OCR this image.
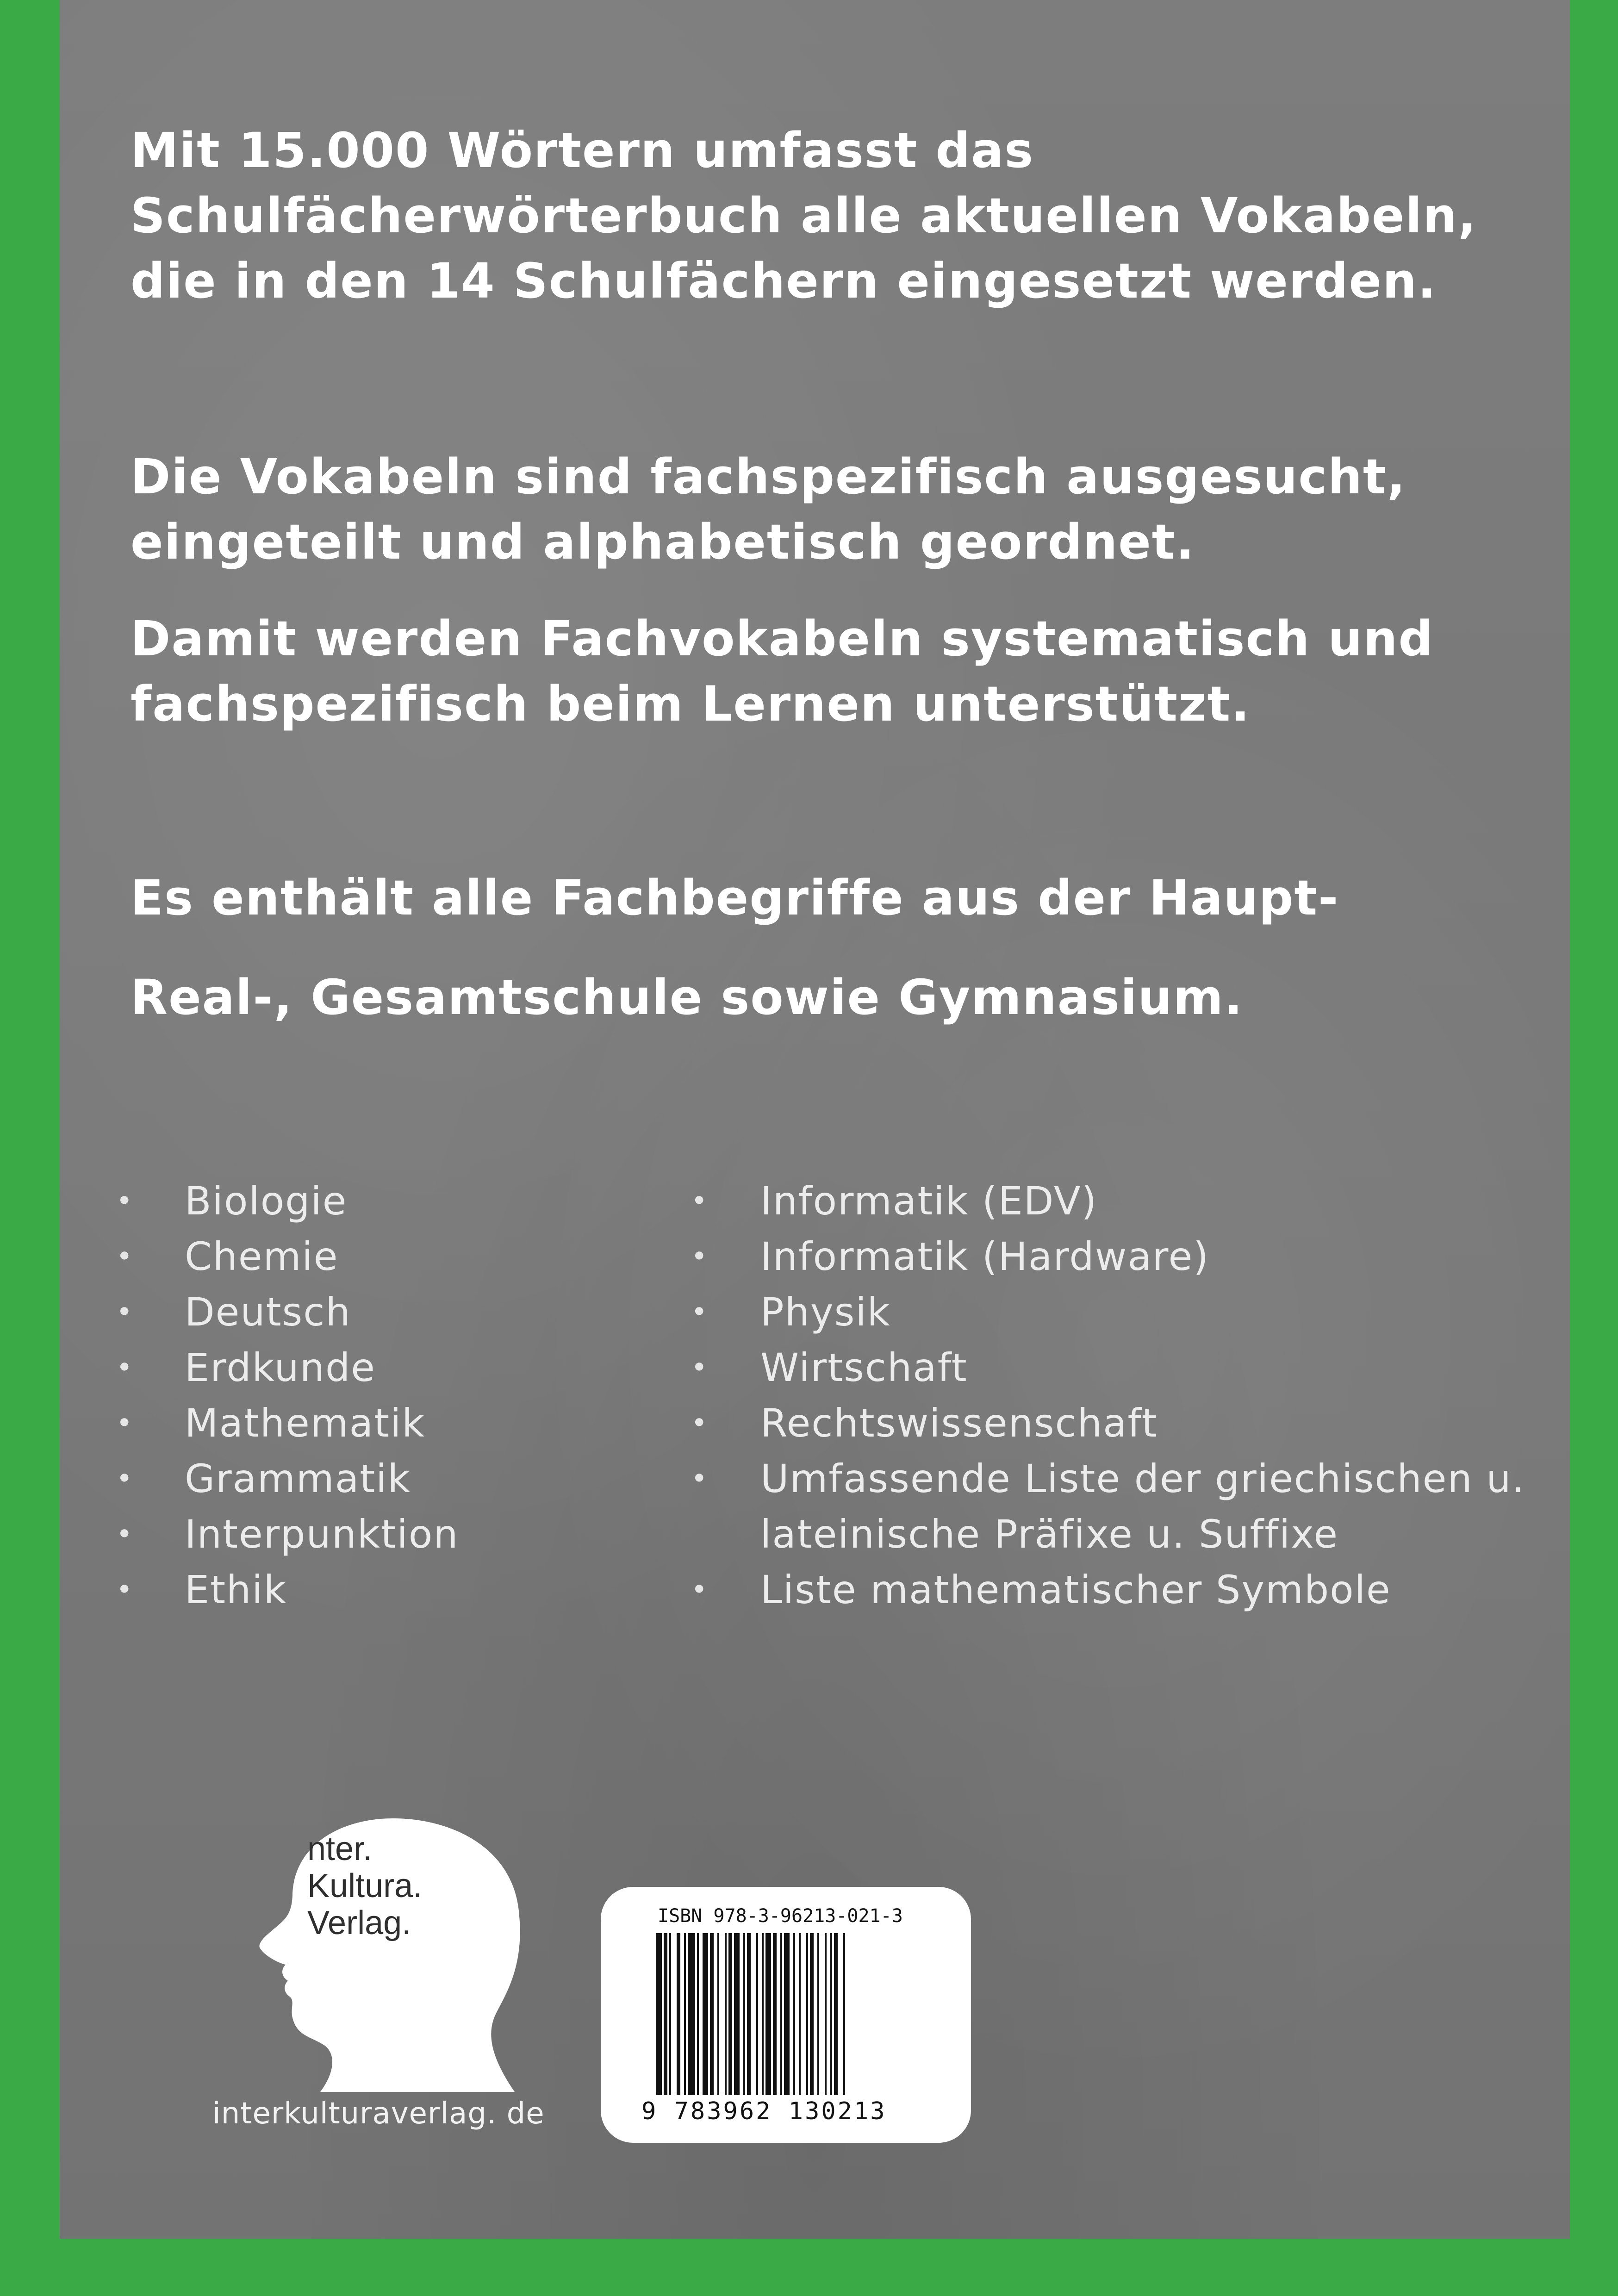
Mit 15.000 Wörtern umfasst das
Schulfächerwörterbuch alle aktuellen Vokabeln,
die in den 14 Schulfächern eingesetzt werden.

Die Vokabeln sind fachspezifisch ausgesucht,
eingeteilt und alphabetisch geordnet.

Damit werden Fachvokabeln systematisch und
fachspezifisch beim Lernen unterstützt.

Es enthält alle Fachbegriffe aus der Haupt-

Real-, Gesamtschule sowie Gymnasium.

• Biologie
• Chemie
• Deutsch
• Erdkunde
• Mathematik
• Grammatik
• Interpunktion
• Ethik
• Informatik (EDV)
• Informatik (Hardware)
• Physik
• Wirtschaft
• Rechtswissenschaft
• Umfassende Liste der griechischen u.
lateinische Präfixe u. Suffixe
• Liste mathematischer Symbole
nter.
Kultura.
Verlag.
interkulturaverlag. de
ISBN 978-3-96213-021-3
9 783962 130213
